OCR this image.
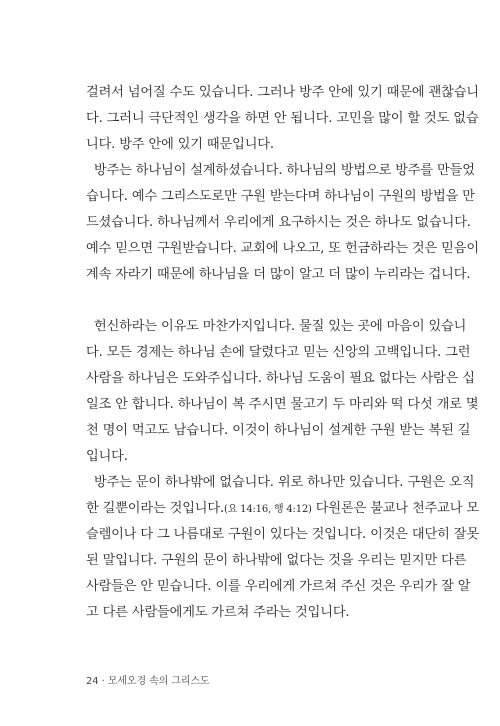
걸려서 넘어질 수도 있습니다. 그러나 방주 안에 있기 때문에 괜찮습니
다. 그러니 극단적인 생각을 하면 안 됩니다. 고민을 많이 할 것도 없습
니다. 방주 안에 있기 때문입니다.
방주는 하나님이 설계하셨습니다. 하나님의 방법으로 방주를 만들었
습니다. 예수 그리스도로만 구원 받는다며 하나님이 구원의 방법을 만
드셨습니다. 하나님께서 우리에게 요구하시는 것은 하나도 없습니다.
예수 믿으면 구원받습니다. 교회에 나오고, 또 헌금하라는 것은 믿음이
계속 자라기 때문에 하나님을 더 많이 알고 더 많이 누리라는 겁니다.
헌신하라는 이유도 마찬가지입니다. 물질 있는 곳에 마음이 있습니
다. 모든 경제는 하나님 손에 달렸다고 믿는 신앙의 고백입니다. 그런
사람을 하나님은 도와주십니다. 하나님 도움이 필요 없다는 사람은 십
일조 안 합니다. 하나님이 복 주시면 물고기 두 마리와 떡 다섯 개로 몇
천 명이 먹고도 남습니다. 이것이 하나님이 설계한 구원 받는 복된 길
입니다.
방주는 문이 하나밖에 없습니다. 위로 하나만 있습니다. 구원은 오직
한 길뿐이라는 것입니다.(요 14:16, 행 4:12) 다원론은 불교나 천주교나 모
슬렘이나 다 그 나름대로 구원이 있다는 것입니다. 이것은 대단히 잘못
된 말입니다. 구원의 문이 하나밖에 없다는 것을 우리는 믿지만 다른
사람들은 안 믿습니다. 이를 우리에게 가르쳐 주신 것은 우리가 잘 알
고 다른 사람들에게도 가르쳐 주라는 것입니다.
24 · 모세오경 속의 그리스도
